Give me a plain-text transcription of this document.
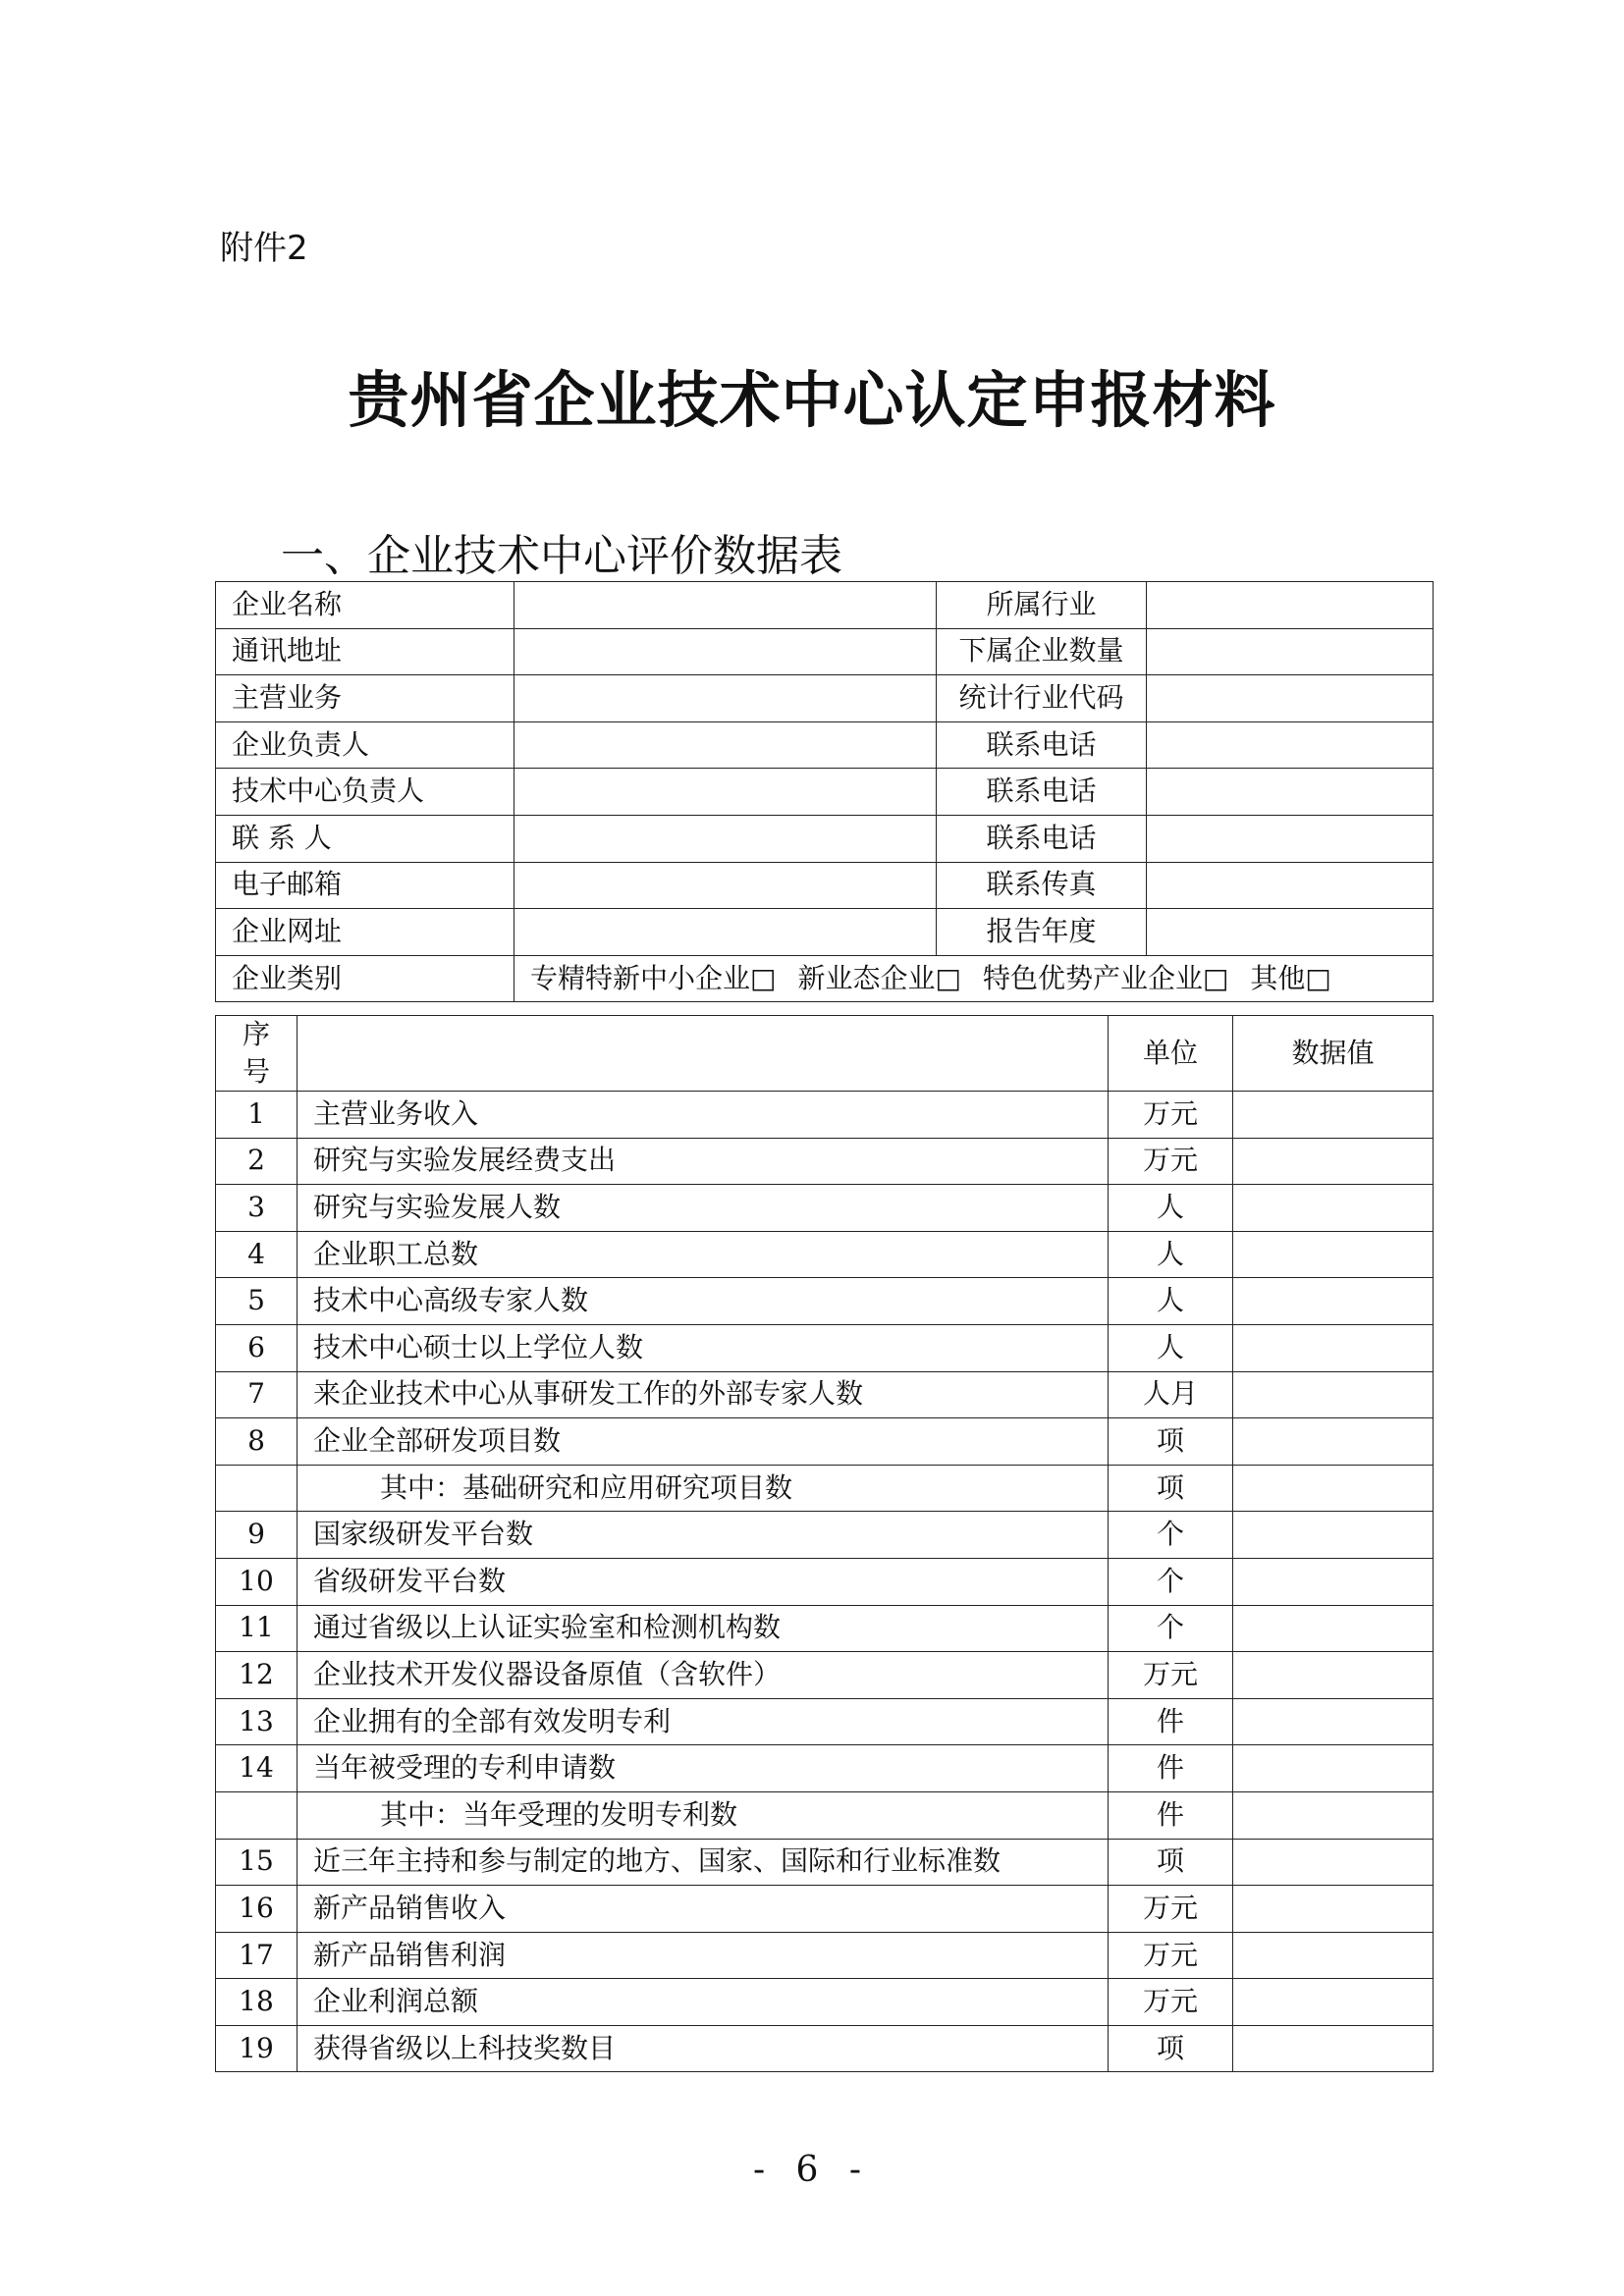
附件2
贵州省企业技术中心认定申报材料
一、企业技术中心评价数据表
企业名称		所属行业	
通讯地址		下属企业数量	
主营业务		统计行业代码	
企业负责人		联系电话	
技术中心负责人		联系电话	
联 系 人		联系电话	
电子邮箱		联系传真	
企业网址		报告年度	
企业类别	专精特新中小企业□ 新业态企业□ 特色优势产业企业□ 其他□		
序
号		单位	数据值
1	主营业务收入	万元	
2	研究与实验发展经费支出	万元	
3	研究与实验发展人数	人	
4	企业职工总数	人	
5	技术中心高级专家人数	人	
6	技术中心硕士以上学位人数	人	
7	来企业技术中心从事研发工作的外部专家人数	人月	
8	企业全部研发项目数	项	
	其中：基础研究和应用研究项目数	项	
9	国家级研发平台数	个	
10	省级研发平台数	个	
11	通过省级以上认证实验室和检测机构数	个	
12	企业技术开发仪器设备原值（含软件）	万元	
13	企业拥有的全部有效发明专利	件	
14	当年被受理的专利申请数	件	
	其中：当年受理的发明专利数	件	
15	近三年主持和参与制定的地方、国家、国际和行业标准数	项	
16	新产品销售收入	万元	
17	新产品销售利润	万元	
18	企业利润总额	万元	
19	获得省级以上科技奖数目	项	
- 6 -
